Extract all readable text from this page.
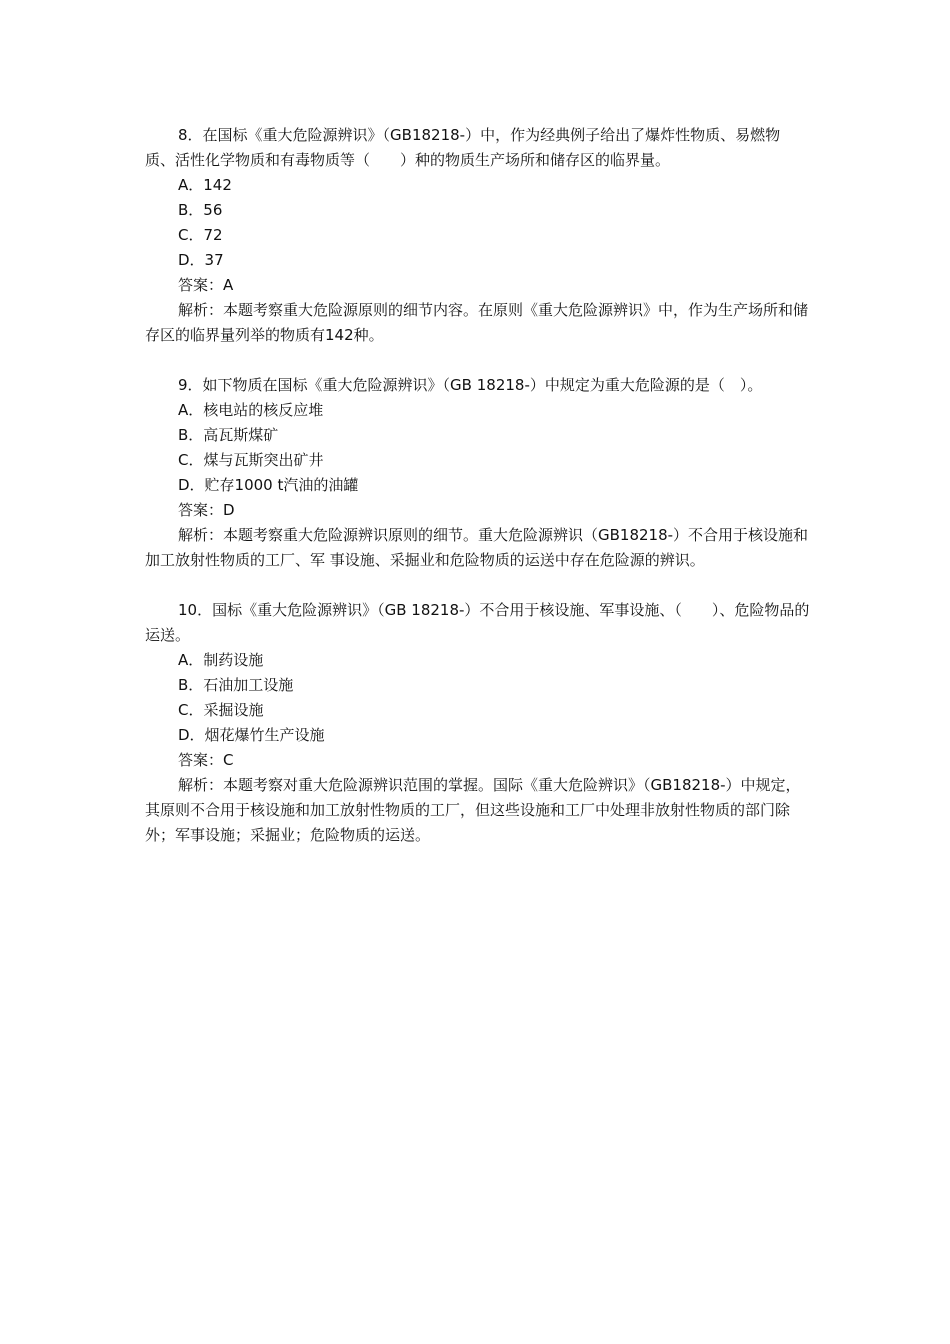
8．在国标《重大危险源辨识》（GB18218-）中，作为经典例子给出了爆炸性物质、易燃物质、活性化学物质和有毒物质等（　　）种的物质生产场所和储存区的临界量。

A．142

B．56

C．72

D．37

答案：A

解析：本题考察重大危险源原则的细节内容。在原则《重大危险源辨识》中，作为生产场所和储存区的临界量列举的物质有142种。

9．如下物质在国标《重大危险源辨识》（GB 18218-）中规定为重大危险源的是（　）。

A．核电站的核反应堆

B．高瓦斯煤矿

C．煤与瓦斯突出矿井

D．贮存1000 t汽油的油罐

答案：D

解析：本题考察重大危险源辨识原则的细节。重大危险源辨识（GB18218-）不合用于核设施和加工放射性物质的工厂、军 事设施、采掘业和危险物质的运送中存在危险源的辨识。

10．国标《重大危险源辨识》（GB 18218-）不合用于核设施、军事设施、（　　）、危险物品的运送。

A．制药设施

B．石油加工设施

C．采掘设施

D．烟花爆竹生产设施

答案：C

解析：本题考察对重大危险源辨识范围的掌握。国际《重大危险辨识》（GB18218-）中规定，其原则不合用于核设施和加工放射性物质的工厂，但这些设施和工厂中处理非放射性物质的部门除外；军事设施；采掘业；危险物质的运送。
